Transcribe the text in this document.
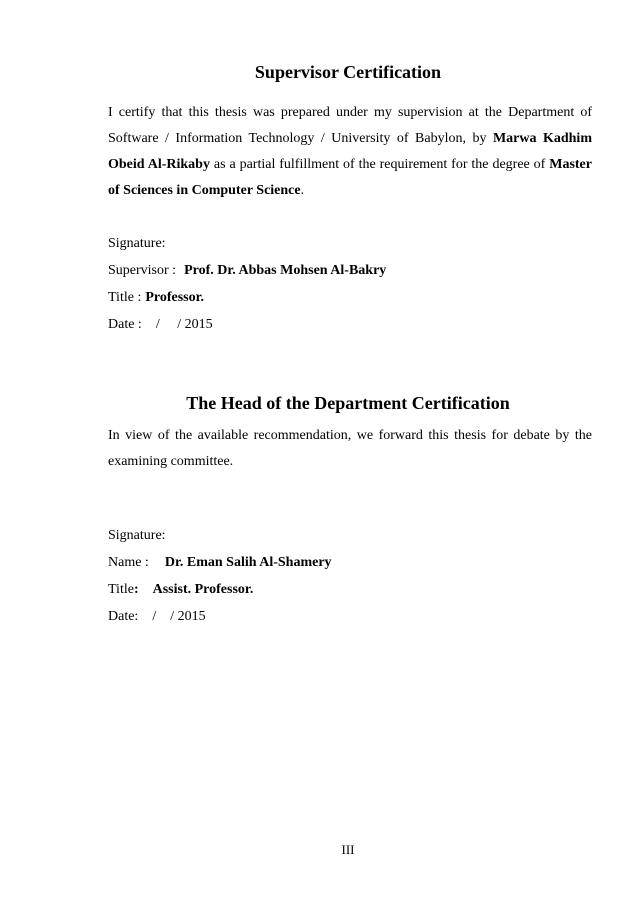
Supervisor Certification
I certify that this thesis was prepared under my supervision at the Department of Software / Information Technology / University of Babylon, by Marwa Kadhim Obeid Al-Rikaby as a partial fulfillment of the requirement for the degree of Master of Sciences in Computer Science.
Signature:
Supervisor : Prof. Dr. Abbas Mohsen Al-Bakry
Title : Professor.
Date : /     / 2015
The Head of the Department Certification
In view of the available recommendation, we forward this thesis for debate by the examining committee.
Signature:
Name : Dr. Eman Salih Al-Shamery
Title: Assist. Professor.
Date: /    / 2015
III
